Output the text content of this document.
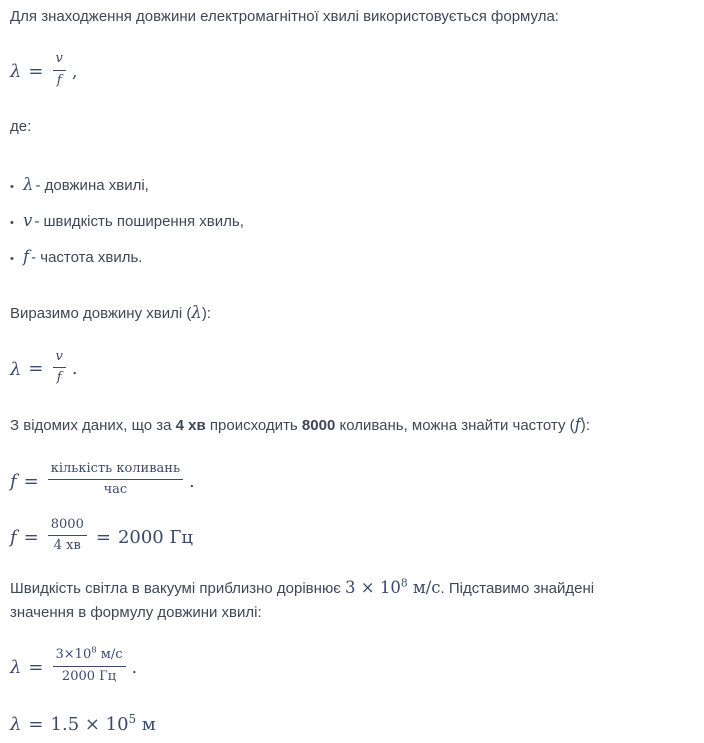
Для знаходження довжини електромагнітної хвилі використовується формула:

$\lambda = \frac{v}{f}$ ,

де:

• λ - довжина хвилі,
• v - швидкість поширення хвиль,
• f - частота хвиль.

Виразимо довжину хвилі (λ):

$\lambda = \frac{v}{f}$ .

З відомих даних, що за 4 хв происходить 8000 коливань, можна знайти частоту (f):

$f = \frac{\text{кількість коливань}}{\text{час}}$ .
$f = \frac{8000}{4 хв} = 2000$ Гц

Швидкість світла в вакуумі приблизно дорівнює $3 \times 10^8$ м/с. Підставимо знайдені
значення в формулу довжини хвилі:

$\lambda = \frac{3\times 10^8 м/с}{2000 Гц}$ .
$\lambda = 1.5 \times 10^5$ м
